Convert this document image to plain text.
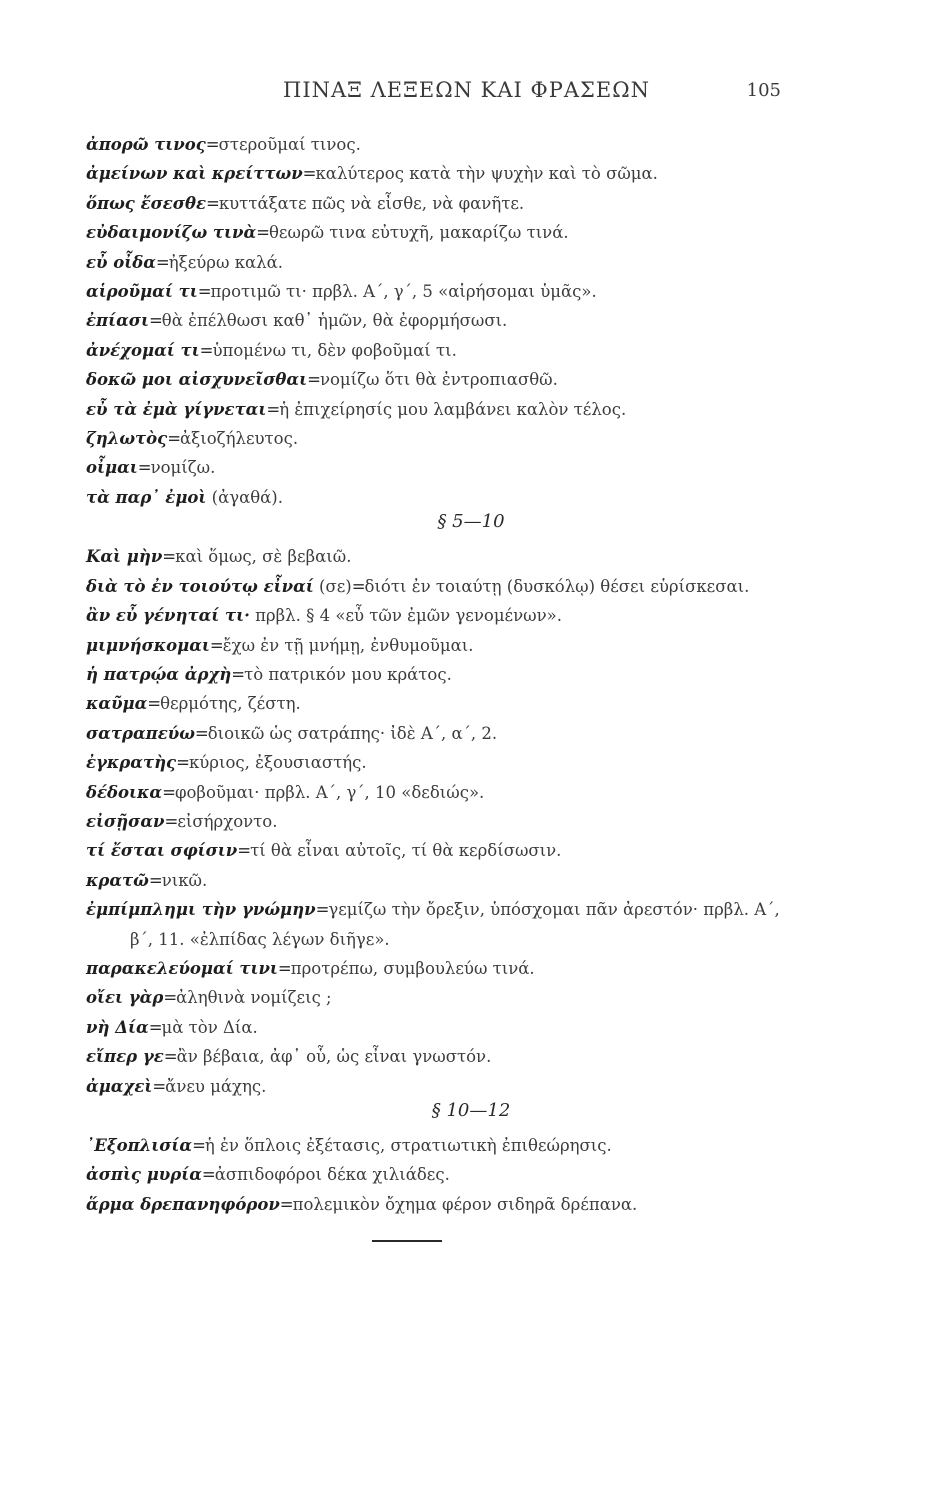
ΠΙΝΑΞ ΛΕΞΕΩΝ ΚΑΙ ΦΡΑΣΕΩΝ	105

ἀπορῶ τινος=στεροῦμαί τινος.

ἀμείνων καὶ κρείττων=καλύτερος κατὰ τὴν ψυχὴν καὶ τὸ σῶμα.

ὅπως ἔσεσθε=κυττάξατε πῶς νὰ εἶσθε, νὰ φανῆτε.

εὐδαιμονίζω τινὰ=θεωρῶ τινα εὐτυχῆ, μακαρίζω τινά.

εὖ οἶδα=ἠξεύρω καλά.

αἱροῦμαί τι=προτιμῶ τι· πρβλ. Α΄, γ΄, 5 «αἱρήσομαι ὑμᾶς».

ἐπίασι=θὰ ἐπέλθωσι καθ᾽ ἡμῶν, θὰ ἐφορμήσωσι.

ἀνέχομαί τι=ὑπομένω τι, δὲν φοβοῦμαί τι.

δοκῶ μοι αἰσχυνεῖσθαι=νομίζω ὅτι θὰ ἐντροπιασθῶ.

εὖ τὰ ἐμὰ γίγνεται=ἡ ἐπιχείρησίς μου λαμβάνει καλὸν τέλος.

ζηλωτὸς=ἀξιοζήλευτος.

οἶμαι=νομίζω.

τὰ παρ᾽ ἐμοὶ (ἀγαθά).

§ 5—10

Καὶ μὴν=καὶ ὅμως, σὲ βεβαιῶ.

διὰ τὸ ἐν τοιούτῳ εἶναί (σε)=διότι ἐν τοιαύτῃ (δυσκόλῳ) θέσει εὑρίσκεσαι.

ἂν εὖ γένηταί τι· πρβλ. § 4 «εὖ τῶν ἐμῶν γενομένων».

μιμνήσκομαι=ἔχω ἐν τῇ μνήμῃ, ἐνθυμοῦμαι.

ἡ πατρῴα ἀρχὴ=τὸ πατρικόν μου κράτος.

καῦμα=θερμότης, ζέστη.

σατραπεύω=διοικῶ ὡς σατράπης· ἰδὲ Α΄, α΄, 2.

ἐγκρατὴς=κύριος, ἐξουσιαστής.

δέδοικα=φοβοῦμαι· πρβλ. Α΄, γ΄, 10 «δεδιώς».

εἰσῇσαν=εἰσήρχοντο.

τί ἔσται σφίσιν=τί θὰ εἶναι αὐτοῖς, τί θὰ κερδίσωσιν.

κρατῶ=νικῶ.

ἐμπίμπλημι τὴν γνώμην=γεμίζω τὴν ὄρεξιν, ὑπόσχομαι πᾶν ἀρεστόν· πρβλ. Α΄, β΄, 11. «ἐλπίδας λέγων διῆγε».

παρακελεύομαί τινι=προτρέπω, συμβουλεύω τινά.

οἴει γὰρ=ἀληθινὰ νομίζεις ;

νὴ Δία=μὰ τὸν Δία.

εἴπερ γε=ἂν βέβαια, ἀφ᾽ οὗ, ὡς εἶναι γνωστόν.

ἀμαχεὶ=ἄνευ μάχης.

§ 10—12

᾽Εξοπλισία=ἡ ἐν ὅπλοις ἐξέτασις, στρατιωτικὴ ἐπιθεώρησις.

ἀσπὶς μυρία=ἀσπιδοφόροι δέκα χιλιάδες.

ἅρμα δρεπανηφόρον=πολεμικὸν ὄχημα φέρον σιδηρᾶ δρέπανα.
